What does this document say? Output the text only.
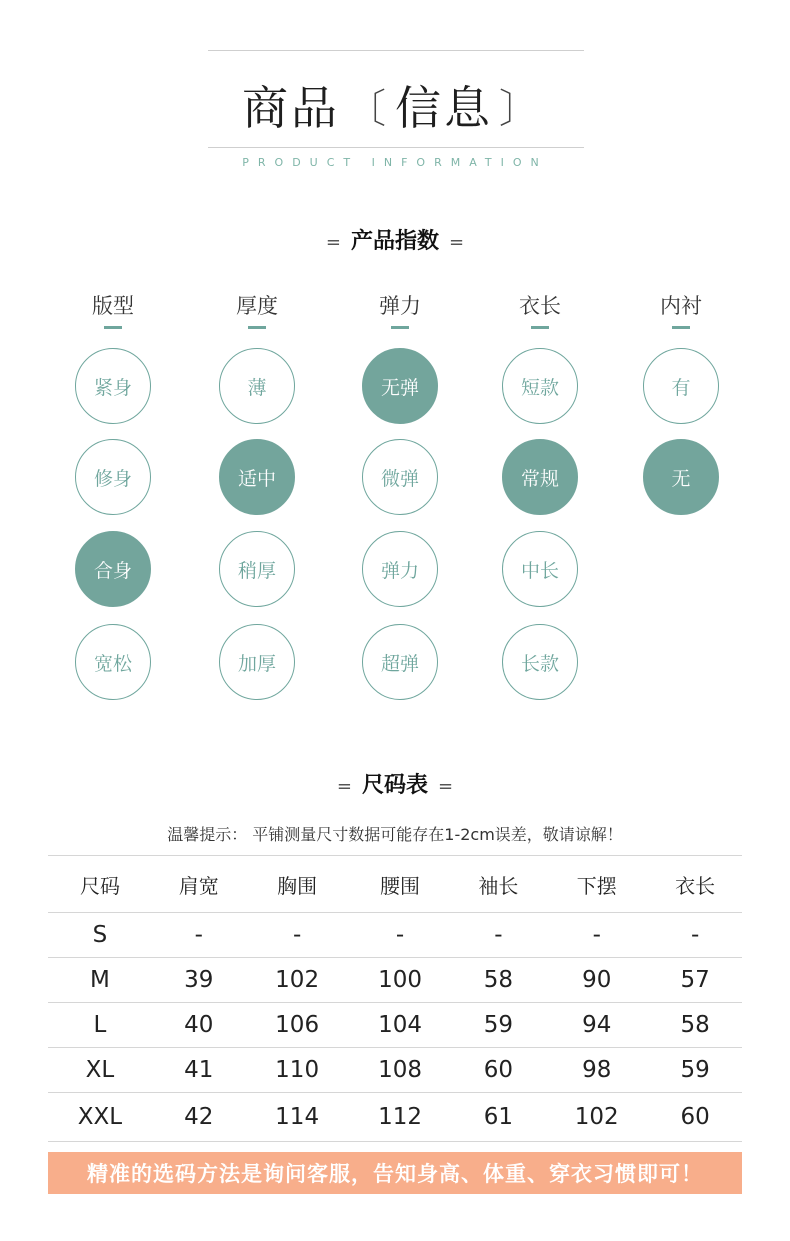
商品 〔 信息 〕
PRODUCT INFORMATION
= 产品指数 =
版型
紧身
修身
合身
宽松
厚度
薄
适中
稍厚
加厚
弹力
无弹
微弹
弹力
超弹
衣长
短款
常规
中长
长款
内衬
有
无
= 尺码表 =
温馨提示： 平铺测量尺寸数据可能存在1-2cm误差，敬请谅解！
尺码	肩宽	胸围	腰围	袖长	下摆	衣长
S	-	-	-	-	-	-
M	39	102	100	58	90	57
L	40	106	104	59	94	58
XL	41	110	108	60	98	59
XXL	42	114	112	61	102	60
精准的选码方法是询问客服，告知身高、体重、穿衣习惯即可！
